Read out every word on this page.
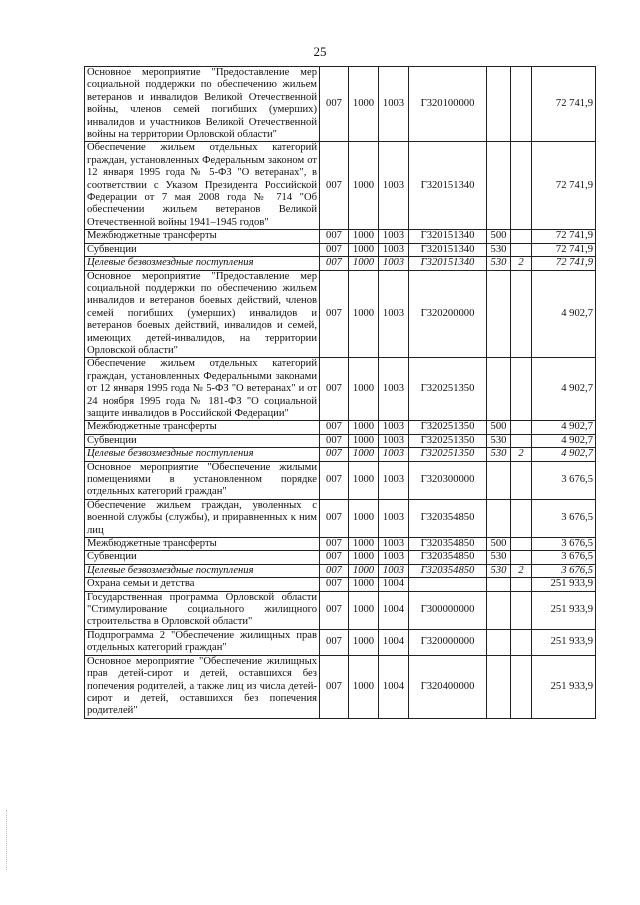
25
Основное мероприятие "Предоставление мер социальной поддержки по обеспечению жильем ветеранов и инвалидов Великой Отечественной войны, членов семей погибших (умерших) инвалидов и участников Великой Отечественной войны на территории Орловской области"	007	1000	1003	Г320100000			72 741,9
Обеспечение жильем отдельных категорий граждан, установленных Федеральным законом от 12 января 1995 года № 5-ФЗ "О ветеранах", в соответствии с Указом Президента Российской Федерации от 7 мая 2008 года № 714 "Об обеспечении жильем ветеранов Великой Отечественной войны 1941–1945 годов"	007	1000	1003	Г320151340			72 741,9
Межбюджетные трансферты	007	1000	1003	Г320151340	500		72 741,9
Субвенции	007	1000	1003	Г320151340	530		72 741,9
Целевые безвозмездные поступления	007	1000	1003	Г320151340	530	2	72 741,9
Основное мероприятие "Предоставление мер социальной поддержки по обеспечению жильем инвалидов и ветеранов боевых действий, членов семей погибших (умерших) инвалидов и ветеранов боевых действий, инвалидов и семей, имеющих детей-инвалидов, на территории Орловской области"	007	1000	1003	Г320200000			4 902,7
Обеспечение жильем отдельных категорий граждан, установленных Федеральными законами от 12 января 1995 года № 5-ФЗ "О ветеранах" и от 24 ноября 1995 года № 181-ФЗ "О социальной защите инвалидов в Российской Федерации"	007	1000	1003	Г320251350			4 902,7
Межбюджетные трансферты	007	1000	1003	Г320251350	500		4 902,7
Субвенции	007	1000	1003	Г320251350	530		4 902,7
Целевые безвозмездные поступления	007	1000	1003	Г320251350	530	2	4 902,7
Основное мероприятие "Обеспечение жилыми помещениями в установленном порядке отдельных категорий граждан"	007	1000	1003	Г320300000			3 676,5
Обеспечение жильем граждан, уволенных с военной службы (службы), и приравненных к ним лиц	007	1000	1003	Г320354850			3 676,5
Межбюджетные трансферты	007	1000	1003	Г320354850	500		3 676,5
Субвенции	007	1000	1003	Г320354850	530		3 676,5
Целевые безвозмездные поступления	007	1000	1003	Г320354850	530	2	3 676,5
Охрана семьи и детства	007	1000	1004				251 933,9
Государственная программа Орловской области "Стимулирование социального жилищного строительства в Орловской области"	007	1000	1004	Г300000000			251 933,9
Подпрограмма 2 "Обеспечение жилищных прав отдельных категорий граждан"	007	1000	1004	Г320000000			251 933,9
Основное мероприятие "Обеспечение жилищных прав детей-сирот и детей, оставшихся без попечения родителей, а также лиц из числа детей-сирот и детей, оставшихся без попечения родителей"	007	1000	1004	Г320400000			251 933,9
